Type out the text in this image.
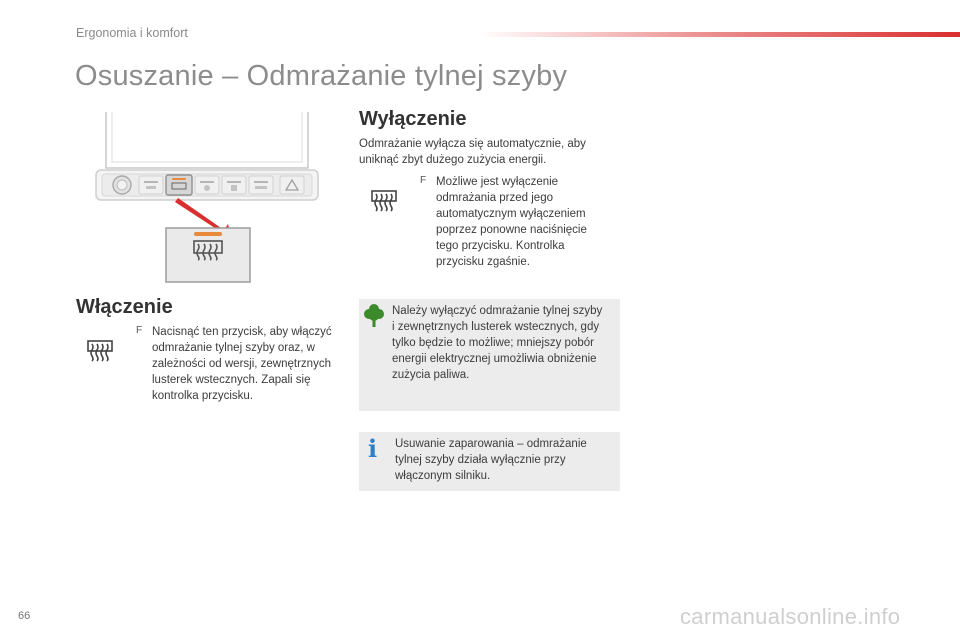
Ergonomia i komfort
Osuszanie – Odmrażanie tylnej szyby
Włączenie
F Nacisnąć ten przycisk, aby włączyć odmrażanie tylnej szyby oraz, w zależności od wersji, zewnętrznych lusterek wstecznych. Zapali się kontrolka przycisku.
Wyłączenie
Odmrażanie wyłącza się automatycznie, aby uniknąć zbyt dużego zużycia energii.
F Możliwe jest wyłączenie odmrażania przed jego automatycznym wyłączeniem poprzez ponowne naciśnięcie tego przycisku. Kontrolka przycisku zgaśnie.
Należy wyłączyć odmrażanie tylnej szyby i zewnętrznych lusterek wstecznych, gdy tylko będzie to możliwe; mniejszy pobór energii elektrycznej umożliwia obniżenie zużycia paliwa.
i Usuwanie zaparowania – odmrażanie tylnej szyby działa wyłącznie przy włączonym silniku.
66	carmanualsonline.info
